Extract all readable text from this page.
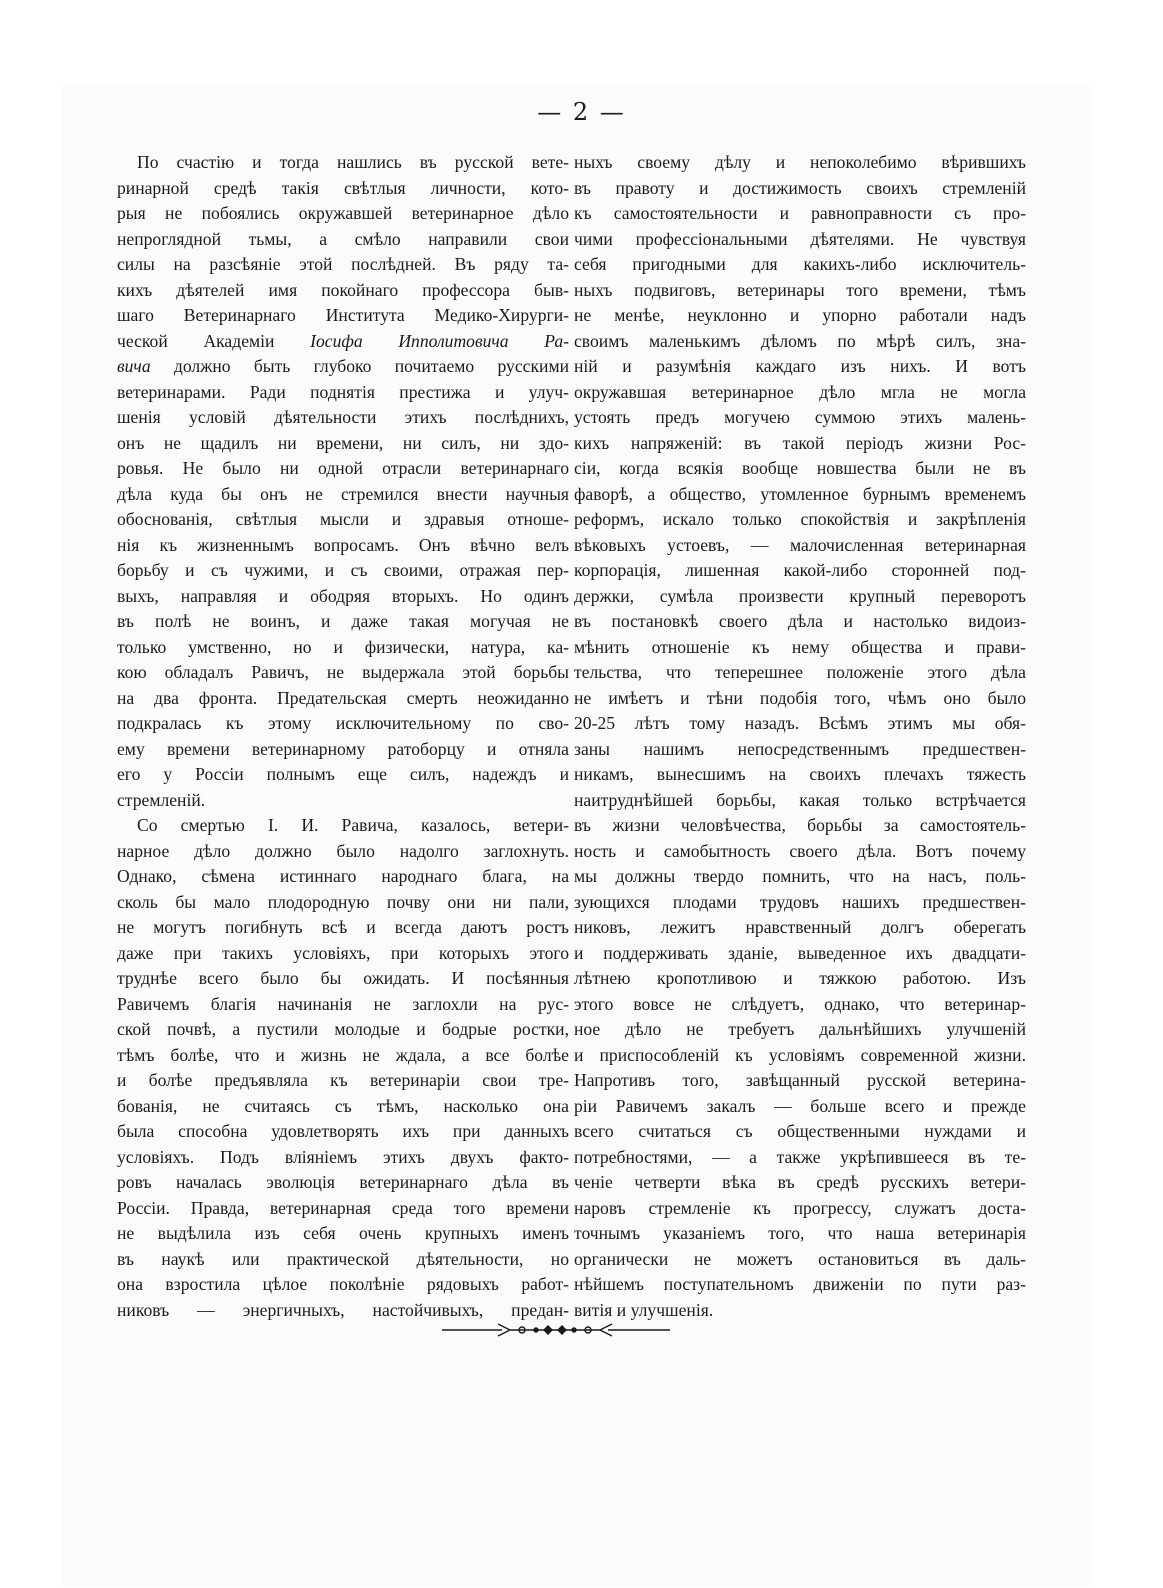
— 2 —
По счастію и тогда нашлись въ русской вете-
ринарной средѣ такія свѣтлыя личности, кото-
рыя не побоялись окружавшей ветеринарное дѣло
непроглядной тьмы, а смѣло направили свои
силы на разсѣяніе этой послѣдней. Въ ряду та-
кихъ дѣятелей имя покойнаго профессора быв-
шаго Ветеринарнаго Института Медико-Хирурги-
ческой Академіи Іосифа Ипполитовича Ра-
вича должно быть глубоко почитаемо русскими
ветеринарами. Ради поднятія престижа и улуч-
шенія условій дѣятельности этихъ послѣднихъ,
онъ не щадилъ ни времени, ни силъ, ни здо-
ровья. Не было ни одной отрасли ветеринарнаго
дѣла куда бы онъ не стремился внести научныя
обоснованія, свѣтлыя мысли и здравыя отноше-
нія къ жизненнымъ вопросамъ. Онъ вѣчно велъ
борьбу и съ чужими, и съ своими, отражая пер-
выхъ, направляя и ободряя вторыхъ. Но одинъ
въ полѣ не воинъ, и даже такая могучая не
только умственно, но и физически, натура, ка-
кою обладалъ Равичъ, не выдержала этой борьбы
на два фронта. Предательская смерть неожиданно
подкралась къ этому исключительному по сво-
ему времени ветеринарному ратоборцу и отняла
его у Россіи полнымъ еще силъ, надеждъ и
стремленій.
Со смертью I. И. Равича, казалось, ветери-
нарное дѣло должно было надолго заглохнуть.
Однако, сѣмена истиннаго народнаго блага, на
сколь бы мало плодородную почву они ни пали,
не могутъ погибнуть всѣ и всегда даютъ ростъ
даже при такихъ условіяхъ, при которыхъ этого
труднѣе всего было бы ожидать. И посѣянныя
Равичемъ благія начинанія не заглохли на рус-
ской почвѣ, а пустили молодые и бодрые ростки,
тѣмъ болѣе, что и жизнь не ждала, а все болѣе
и болѣе предъявляла къ ветеринаріи свои тре-
бованія, не считаясь съ тѣмъ, насколько она
была способна удовлетворять ихъ при данныхъ
условіяхъ. Подъ вліяніемъ этихъ двухъ факто-
ровъ началась эволюція ветеринарнаго дѣла въ
Россіи. Правда, ветеринарная среда того времени
не выдѣлила изъ себя очень крупныхъ именъ
въ наукѣ или практической дѣятельности, но
она взростила цѣлое поколѣніе рядовыхъ работ-
никовъ — энергичныхъ, настойчивыхъ, предан-
ныхъ своему дѣлу и непоколебимо вѣрившихъ
въ правоту и достижимость своихъ стремленій
къ самостоятельности и равноправности съ про-
чими профессіональными дѣятелями. Не чувствуя
себя пригодными для какихъ-либо исключитель-
ныхъ подвиговъ, ветеринары того времени, тѣмъ
не менѣе, неуклонно и упорно работали надъ
своимъ маленькимъ дѣломъ по мѣрѣ силъ, зна-
ній и разумѣнія каждаго изъ нихъ. И вотъ
окружавшая ветеринарное дѣло мгла не могла
устоять предъ могучею суммою этихъ малень-
кихъ напряженій: въ такой періодъ жизни Рос-
сіи, когда всякія вообще новшества были не въ
фаворѣ, а общество, утомленное бурнымъ временемъ
реформъ, искало только спокойствія и закрѣпленія
вѣковыхъ устоевъ, — малочисленная ветеринарная
корпорація, лишенная какой-либо сторонней под-
держки, сумѣла произвести крупный переворотъ
въ постановкѣ своего дѣла и настолько видоиз-
мѣнить отношеніе къ нему общества и прави-
тельства, что теперешнее положеніе этого дѣла
не имѣетъ и тѣни подобія того, чѣмъ оно было
20-25 лѣтъ тому назадъ. Всѣмъ этимъ мы обя-
заны нашимъ непосредственнымъ предшествен-
никамъ, вынесшимъ на своихъ плечахъ тяжесть
наитруднѣйшей борьбы, какая только встрѣчается
въ жизни человѣчества, борьбы за самостоятель-
ность и самобытность своего дѣла. Вотъ почему
мы должны твердо помнить, что на насъ, поль-
зующихся плодами трудовъ нашихъ предшествен-
никовъ, лежитъ нравственный долгъ оберегать
и поддерживать зданіе, выведенное ихъ двадцати-
лѣтнею кропотливою и тяжкою работою. Изъ
этого вовсе не слѣдуетъ, однако, что ветеринар-
ное дѣло не требуетъ дальнѣйшихъ улучшеній
и приспособленій къ условіямъ современной жизни.
Напротивъ того, завѣщанный русской ветерина-
ріи Равичемъ закалъ — больше всего и прежде
всего считаться съ общественными нуждами и
потребностями, — а также укрѣпившееся въ те-
ченіе четверти вѣка въ средѣ русскихъ ветери-
наровъ стремленіе къ прогрессу, служатъ доста-
точнымъ указаніемъ того, что наша ветеринарія
органически не можетъ остановиться въ даль-
нѣйшемъ поступательномъ движеніи по пути раз-
витія и улучшенія.
